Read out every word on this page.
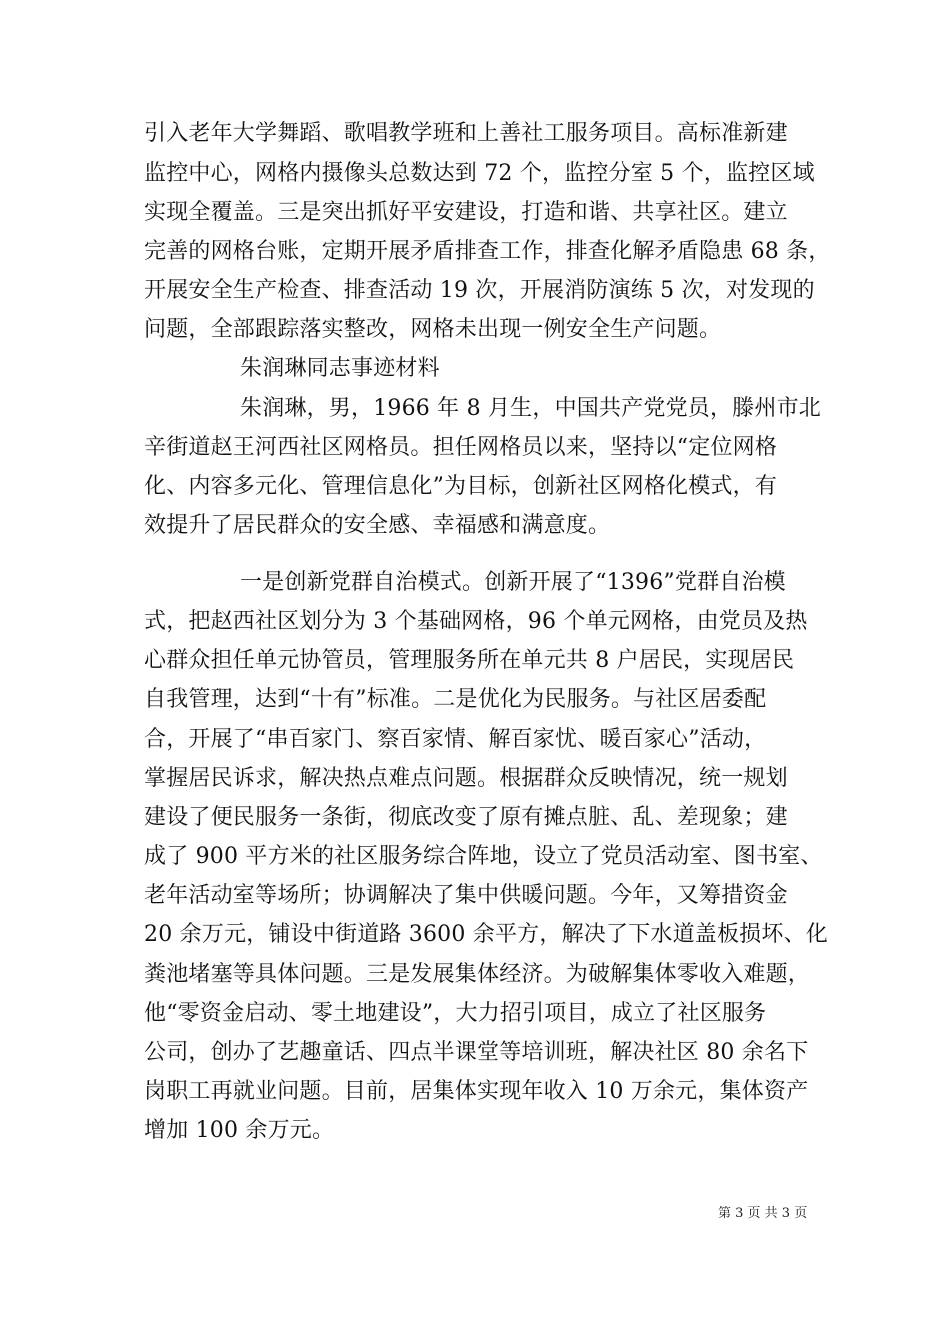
引入老年大学舞蹈、歌唱教学班和上善社工服务项目。高标准新建
监控中心，网格内摄像头总数达到 72 个，监控分室 5 个，监控区域
实现全覆盖。三是突出抓好平安建设，打造和谐、共享社区。建立
完善的网格台账，定期开展矛盾排查工作，排查化解矛盾隐患 68 条，
开展安全生产检查、排查活动 19 次，开展消防演练 5 次，对发现的
问题，全部跟踪落实整改，网格未出现一例安全生产问题。
朱润琳同志事迹材料
朱润琳，男，1966 年 8 月生，中国共产党党员，滕州市北
辛街道赵王河西社区网格员。担任网格员以来，坚持以“定位网格
化、内容多元化、管理信息化”为目标，创新社区网格化模式，有
效提升了居民群众的安全感、幸福感和满意度。
一是创新党群自治模式。创新开展了“1396”党群自治模
式，把赵西社区划分为 3 个基础网格，96 个单元网格，由党员及热
心群众担任单元协管员，管理服务所在单元共 8 户居民，实现居民
自我管理，达到“十有”标准。二是优化为民服务。与社区居委配
合，开展了“串百家门、察百家情、解百家忧、暖百家心”活动，
掌握居民诉求，解决热点难点问题。根据群众反映情况，统一规划
建设了便民服务一条街，彻底改变了原有摊点脏、乱、差现象；建
成了 900 平方米的社区服务综合阵地，设立了党员活动室、图书室、
老年活动室等场所；协调解决了集中供暖问题。今年，又筹措资金
20 余万元，铺设中街道路 3600 余平方，解决了下水道盖板损坏、化
粪池堵塞等具体问题。三是发展集体经济。为破解集体零收入难题，
他“零资金启动、零土地建设”，大力招引项目，成立了社区服务
公司，创办了艺趣童话、四点半课堂等培训班，解决社区 80 余名下
岗职工再就业问题。目前，居集体实现年收入 10 万余元，集体资产
增加 100 余万元。
第 3 页 共 3 页
